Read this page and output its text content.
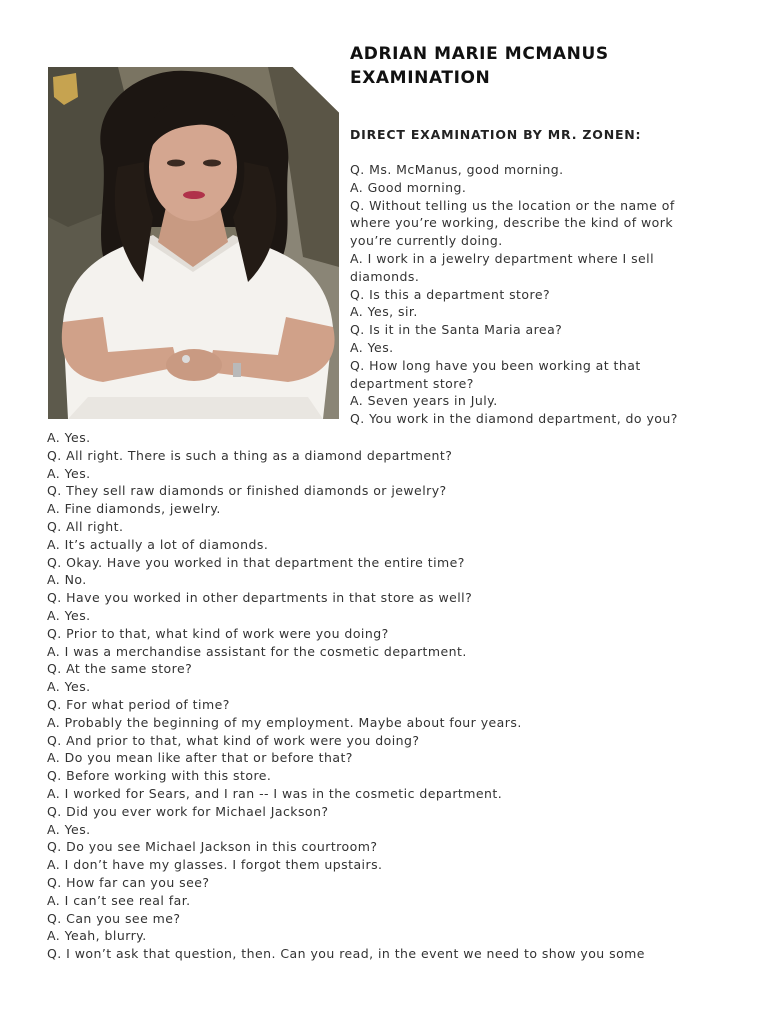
ADRIAN MARIE MCMANUS
EXAMINATION
DIRECT EXAMINATION BY MR. ZONEN:
Q. Ms. McManus, good morning.
A. Good morning.
Q. Without telling us the location or the name of
where you’re working, describe the kind of work
you’re currently doing.
A. I work in a jewelry department where I sell
diamonds.
Q. Is this a department store?
A. Yes, sir.
Q. Is it in the Santa Maria area?
A. Yes.
Q. How long have you been working at that
department store?
A. Seven years in July.
Q. You work in the diamond department, do you?
A. Yes.
Q. All right. There is such a thing as a diamond department?
A. Yes.
Q. They sell raw diamonds or finished diamonds or jewelry?
A. Fine diamonds, jewelry.
Q. All right.
A. It’s actually a lot of diamonds.
Q. Okay. Have you worked in that department the entire time?
A. No.
Q. Have you worked in other departments in that store as well?
A. Yes.
Q. Prior to that, what kind of work were you doing?
A. I was a merchandise assistant for the cosmetic department.
Q. At the same store?
A. Yes.
Q. For what period of time?
A. Probably the beginning of my employment. Maybe about four years.
Q. And prior to that, what kind of work were you doing?
A. Do you mean like after that or before that?
Q. Before working with this store.
A. I worked for Sears, and I ran -- I was in the cosmetic department.
Q. Did you ever work for Michael Jackson?
A. Yes.
Q. Do you see Michael Jackson in this courtroom?
A. I don’t have my glasses. I forgot them upstairs.
Q. How far can you see?
A. I can’t see real far.
Q. Can you see me?
A. Yeah, blurry.
Q. I won’t ask that question, then. Can you read, in the event we need to show you some
